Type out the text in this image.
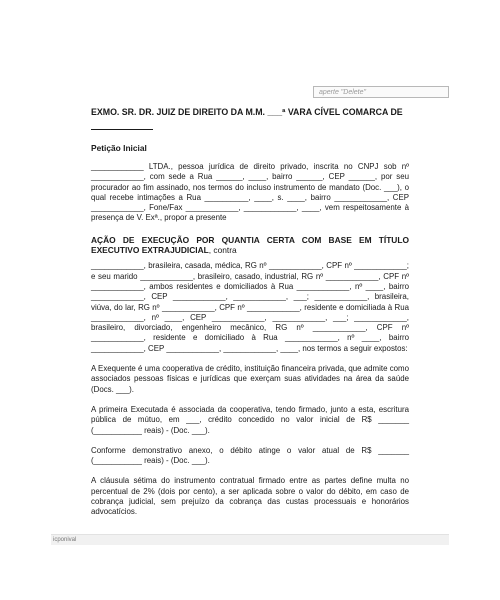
aperte "Delete"

EXMO. SR. DR. JUIZ DE DIREITO DA M.M. ___ª VARA CÍVEL COMARCA DE

Petição Inicial

____________ LTDA., pessoa jurídica de direito privado, inscrita no CNPJ sob nº ____________, com sede a Rua ______, ____, bairro ______, CEP ______, por seu procurador ao fim assinado, nos termos do incluso instrumento de mandato (Doc. ___), o qual recebe intimações a Rua __________, ____, s. ____, bairro ____________, CEP ____________, Fone/Fax ____________, ____________, ____, vem respeitosamente à presença de V. Exª., propor a presente

AÇÃO DE EXECUÇÃO POR QUANTIA CERTA COM BASE EM TÍTULO EXECUTIVO EXTRAJUDICIAL, contra

____________, brasileira, casada, médica, RG nº ____________, CPF nº ____________; e seu marido ____________, brasileiro, casado, industrial, RG nº ____________, CPF nº ____________, ambos residentes e domiciliados à Rua ____________, nº ____, bairro ____________, CEP ____________, ____________, ___; ____________, brasileira, viúva, do lar, RG nº ____________, CPF nº ____________, residente e domiciliada à Rua ____________, nº ____, CEP ____________, ____________, ___; ____________, brasileiro, divorciado, engenheiro mecânico, RG nº ____________, CPF nº ____________, residente e domiciliado à Rua ____________, nº ____, bairro ____________, CEP ____________, ____________, ____, nos termos a seguir expostos:

A Exequente é uma cooperativa de crédito, instituição financeira privada, que admite como associados pessoas físicas e jurídicas que exerçam suas atividades na área da saúde (Docs. ___).

A primeira Executada é associada da cooperativa, tendo firmado, junto a esta, escritura pública de mútuo, em ___, crédito concedido no valor inicial de R$ _______ (___________ reais) - (Doc. ___).

Conforme demonstrativo anexo, o débito atinge o valor atual de R$ _______ (___________ reais) - (Doc. ___).

A cláusula sétima do instrumento contratual firmado entre as partes define multa no percentual de 2% (dois por cento), a ser aplicada sobre o valor do débito, em caso de cobrança judicial, sem prejuízo da cobrança das custas processuais e honorários advocatícios.

icponival
